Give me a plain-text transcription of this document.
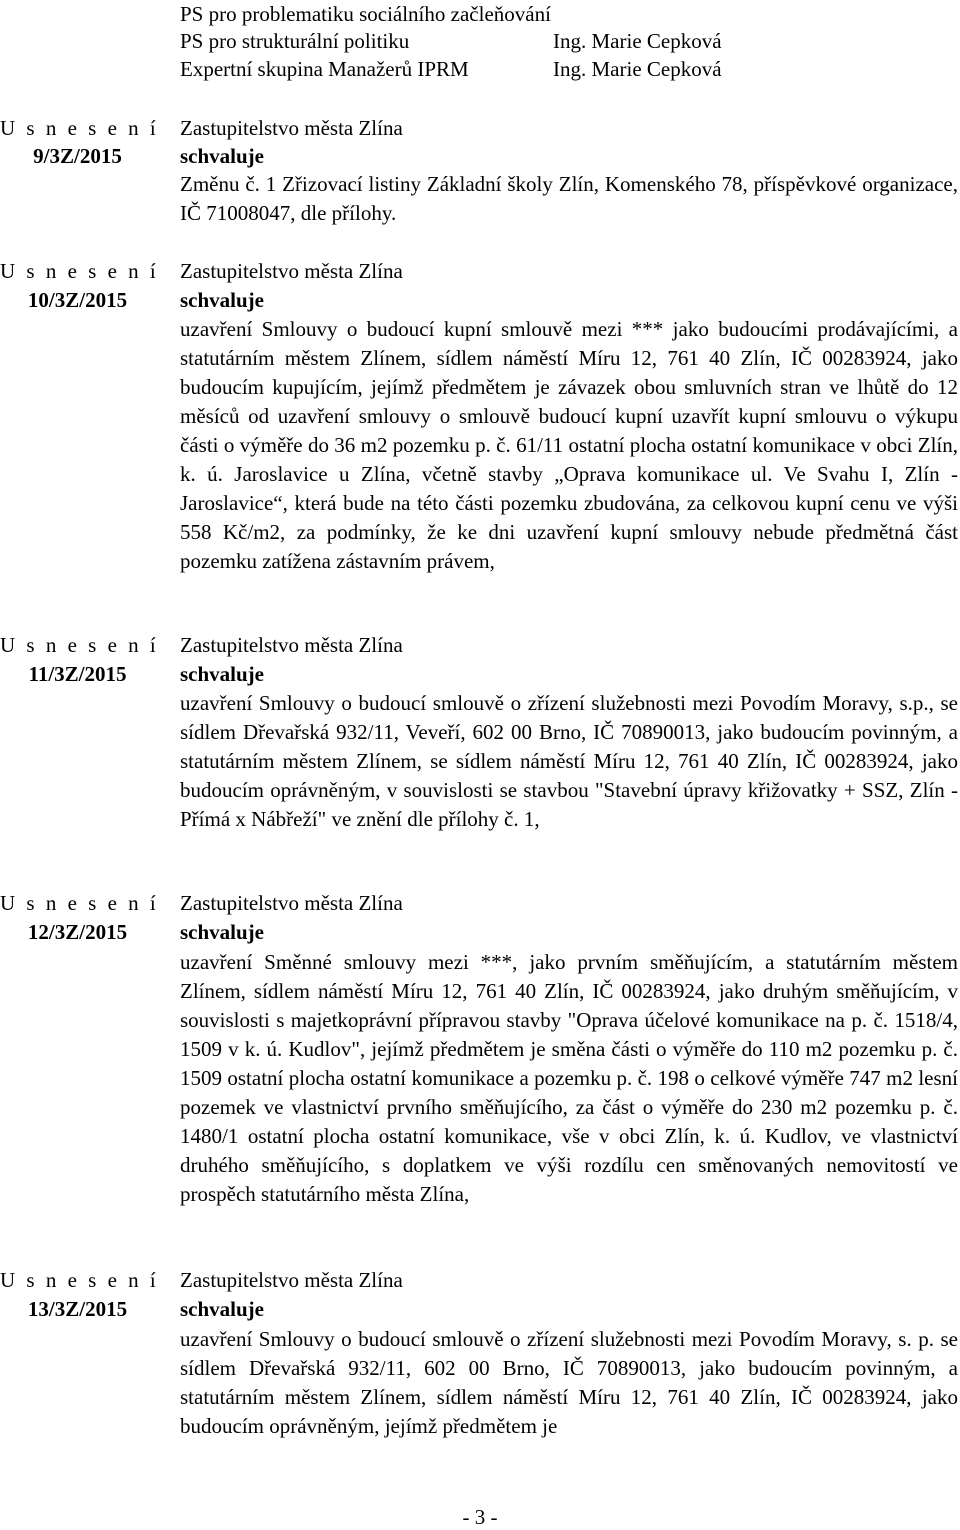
PS pro problematiku sociálního začleňování
PS pro strukturální politiku	Ing. Marie Cepková
Expertní skupina Manažerů IPRM	Ing. Marie Cepková
U s n e s e n í
9/3Z/2015
Zastupitelstvo města Zlína
schvaluje
Změnu č. 1 Zřizovací listiny Základní školy Zlín, Komenského 78, příspěvkové organizace, IČ 71008047, dle přílohy.
U s n e s e n í
10/3Z/2015
Zastupitelstvo města Zlína
schvaluje
uzavření Smlouvy o budoucí kupní smlouvě mezi *** jako budoucími prodávajícími, a statutárním městem Zlínem, sídlem náměstí Míru 12, 761 40 Zlín, IČ 00283924, jako budoucím kupujícím, jejímž předmětem je závazek obou smluvních stran ve lhůtě do 12 měsíců od uzavření smlouvy o smlouvě budoucí kupní uzavřít kupní smlouvu o výkupu části o výměře do 36 m2 pozemku p. č. 61/11 ostatní plocha ostatní komunikace v obci Zlín, k. ú. Jaroslavice u Zlína, včetně stavby „Oprava komunikace ul. Ve Svahu I, Zlín - Jaroslavice“, která bude na této části pozemku zbudována, za celkovou kupní cenu ve výši 558 Kč/m2, za podmínky, že ke dni uzavření kupní smlouvy nebude předmětná část pozemku zatížena zástavním právem,
U s n e s e n í
11/3Z/2015
Zastupitelstvo města Zlína
schvaluje
uzavření Smlouvy o budoucí smlouvě o zřízení služebnosti mezi Povodím Moravy, s.p., se sídlem Dřevařská 932/11, Veveří, 602 00 Brno, IČ 70890013, jako budoucím povinným, a statutárním městem Zlínem, se sídlem náměstí Míru 12, 761 40 Zlín, IČ 00283924, jako budoucím oprávněným, v souvislosti se stavbou "Stavební úpravy křižovatky + SSZ, Zlín - Přímá x Nábřeží" ve znění dle přílohy č. 1,
U s n e s e n í
12/3Z/2015
Zastupitelstvo města Zlína
schvaluje
uzavření Směnné smlouvy mezi ***, jako prvním směňujícím, a statutárním městem Zlínem, sídlem náměstí Míru 12, 761 40 Zlín, IČ 00283924, jako druhým směňujícím, v souvislosti s majetkoprávní přípravou stavby "Oprava účelové komunikace na p. č. 1518/4, 1509 v k. ú. Kudlov", jejímž předmětem je směna části o výměře do 110 m2 pozemku p. č. 1509 ostatní plocha ostatní komunikace a pozemku p. č. 198 o celkové výměře 747 m2 lesní pozemek ve vlastnictví prvního směňujícího, za část o výměře do 230 m2 pozemku p. č. 1480/1 ostatní plocha ostatní komunikace, vše v obci Zlín, k. ú. Kudlov, ve vlastnictví druhého směňujícího, s doplatkem ve výši rozdílu cen směnovaných nemovitostí ve prospěch statutárního města Zlína,
U s n e s e n í
13/3Z/2015
Zastupitelstvo města Zlína
schvaluje
uzavření Smlouvy o budoucí smlouvě o zřízení služebnosti mezi Povodím Moravy, s. p. se sídlem Dřevařská 932/11, 602 00 Brno, IČ 70890013, jako budoucím povinným, a statutárním městem Zlínem, sídlem náměstí Míru 12, 761 40 Zlín, IČ 00283924, jako budoucím oprávněným, jejímž předmětem je
- 3 -
